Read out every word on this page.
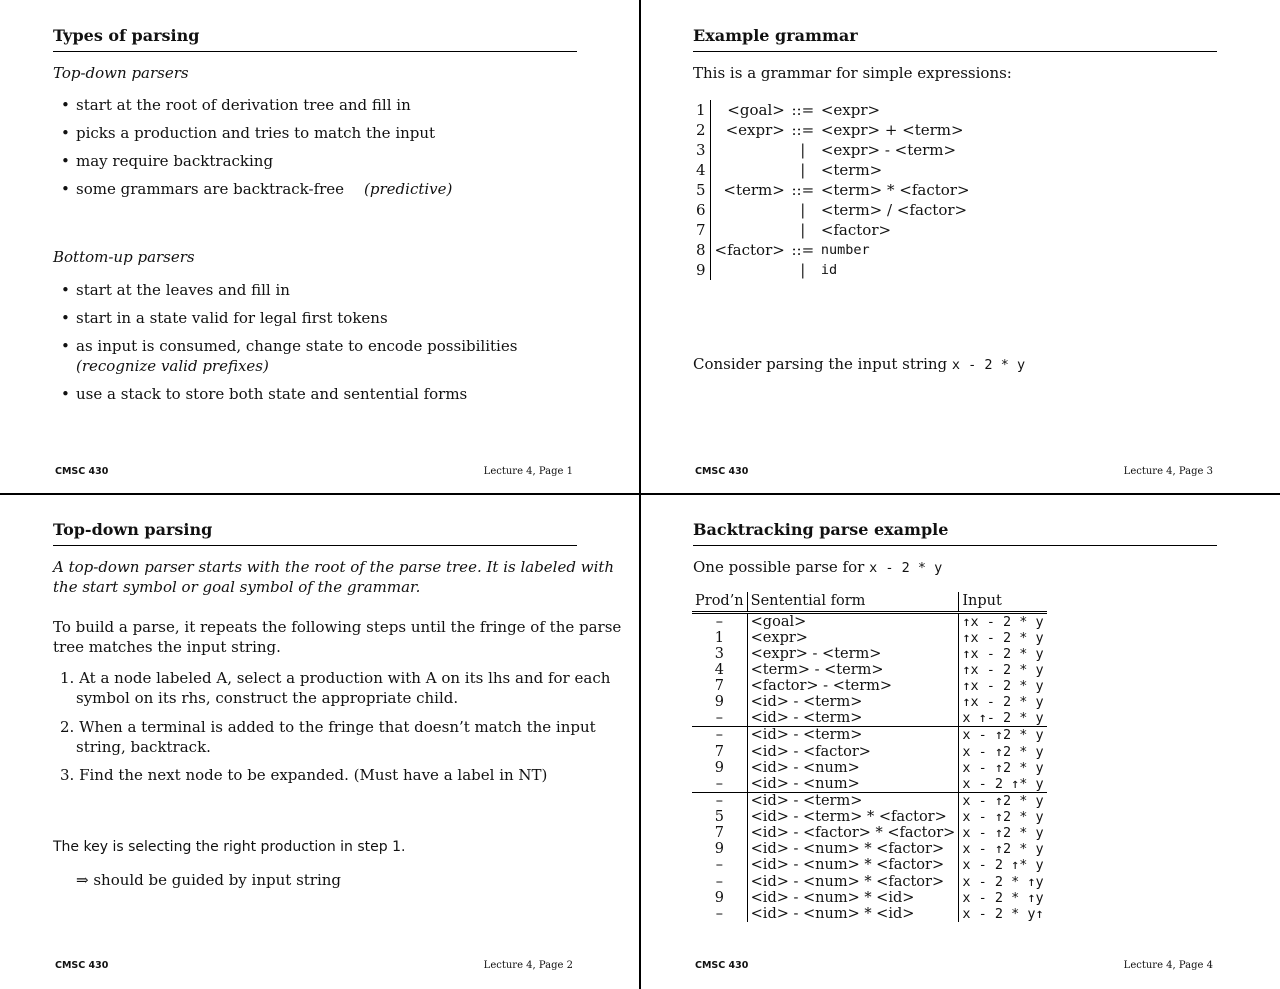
Types of parsing
Top-down parsers
• start at the root of derivation tree and fill in
• picks a production and tries to match the input
• may require backtracking
• some grammars are backtrack-free (predictive)
Bottom-up parsers
• start at the leaves and fill in
• start in a state valid for legal first tokens
• as input is consumed, change state to encode possibilities
(recognize valid prefixes)
• use a stack to store both state and sentential forms
CMSC 430	Lecture 4, Page 1
Example grammar
This is a grammar for simple expressions:
1	<goal>	::=	<expr>
2	<expr>	::=	<expr> + <term>
3		|	<expr> - <term>
4		|	<term>
5	<term>	::=	<term> * <factor>
6		|	<term> / <factor>
7		|	<factor>
8	<factor>	::=	number
9		|	id
Consider parsing the input string x - 2 * y
CMSC 430	Lecture 4, Page 3
Top-down parsing
A top-down parser starts with the root of the parse tree. It is labeled with
the start symbol or goal symbol of the grammar.
To build a parse, it repeats the following steps until the fringe of the parse
tree matches the input string.
1. At a node labeled A, select a production with A on its lhs and for each
symbol on its rhs, construct the appropriate child.
2. When a terminal is added to the fringe that doesn’t match the input
string, backtrack.
3. Find the next node to be expanded. (Must have a label in NT)
The key is selecting the right production in step 1.
⇒ should be guided by input string
CMSC 430	Lecture 4, Page 2
Backtracking parse example
One possible parse for x - 2 * y
Prod’n	Sentential form	Input
–	<goal>	↑x - 2 * y
1	<expr>	↑x - 2 * y
3	<expr> - <term>	↑x - 2 * y
4	<term> - <term>	↑x - 2 * y
7	<factor> - <term>	↑x - 2 * y
9	<id> - <term>	↑x - 2 * y
–	<id> - <term>	x ↑- 2 * y
–	<id> - <term>	x - ↑2 * y
7	<id> - <factor>	x - ↑2 * y
9	<id> - <num>	x - ↑2 * y
–	<id> - <num>	x - 2 ↑* y
–	<id> - <term>	x - ↑2 * y
5	<id> - <term> * <factor>	x - ↑2 * y
7	<id> - <factor> * <factor>	x - ↑2 * y
9	<id> - <num> * <factor>	x - ↑2 * y
–	<id> - <num> * <factor>	x - 2 ↑* y
–	<id> - <num> * <factor>	x - 2 * ↑y
9	<id> - <num> * <id>	x - 2 * ↑y
–	<id> - <num> * <id>	x - 2 * y↑
CMSC 430	Lecture 4, Page 4
